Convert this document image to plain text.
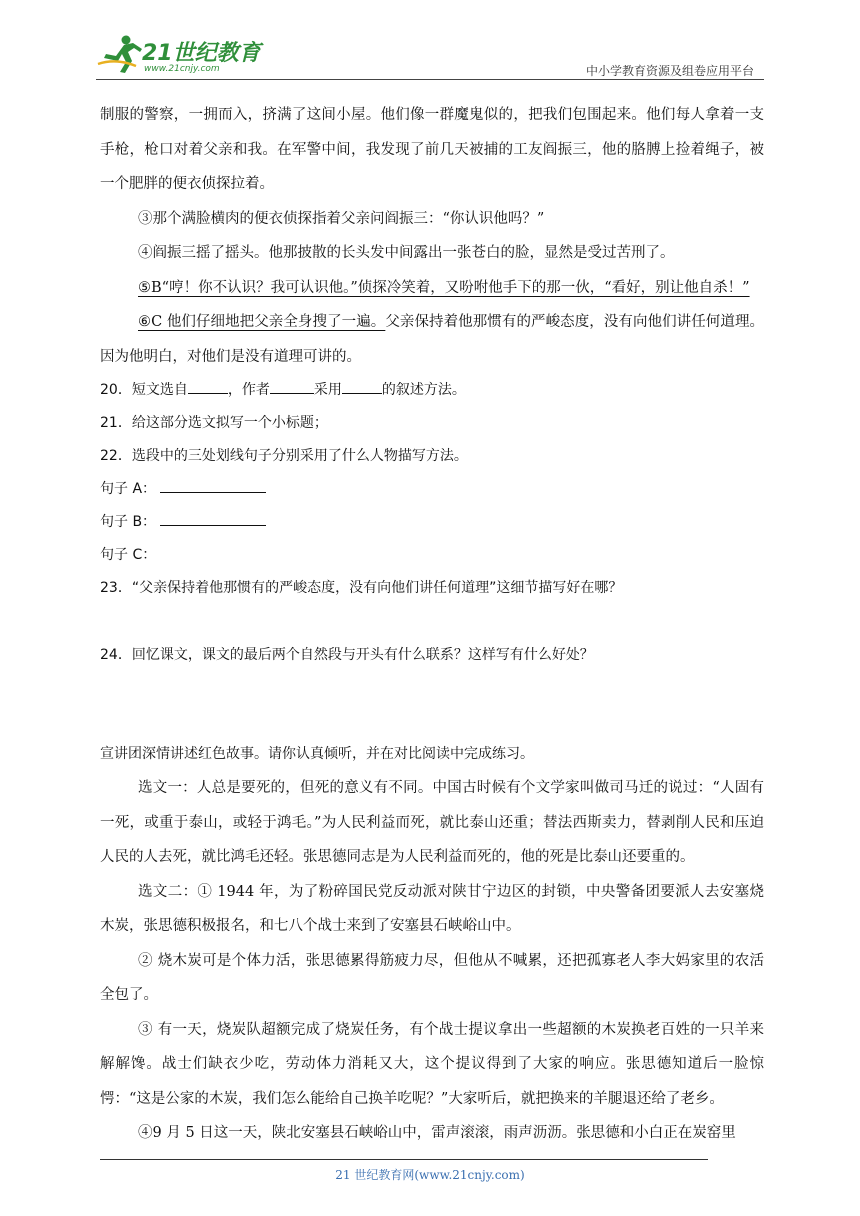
21世纪教育
www.21cnjy.com	中小学教育资源及组卷应用平台

制服的警察，一拥而入，挤满了这间小屋。他们像一群魔鬼似的，把我们包围起来。他们每人拿着一支手枪，枪口对着父亲和我。在军警中间，我发现了前几天被捕的工友阎振三，他的胳膊上捡着绳子，被一个肥胖的便衣侦探拉着。

③那个满脸横肉的便衣侦探指着父亲问阎振三：“你认识他吗？”

④阎振三摇了摇头。他那披散的长头发中间露出一张苍白的脸，显然是受过苦刑了。

⑤B“哼！你不认识？我可认识他。”侦探冷笑着，又吩咐他手下的那一伙，“看好，别让他自杀！”

⑥C 他们仔细地把父亲全身搜了一遍。父亲保持着他那惯有的严峻态度，没有向他们讲任何道理。因为他明白，对他们是没有道理可讲的。

20．短文选自	，作者	采用	的叙述方法。

21．给这部分选文拟写一个小标题；

22．选段中的三处划线句子分别采用了什么人物描写方法。

句子 A：

句子 B：

句子 C：

23．“父亲保持着他那惯有的严峻态度，没有向他们讲任何道理”这细节描写好在哪？

24．回忆课文，课文的最后两个自然段与开头有什么联系？这样写有什么好处？

宣讲团深情讲述红色故事。请你认真倾听，并在对比阅读中完成练习。

选文一：人总是要死的，但死的意义有不同。中国古时候有个文学家叫做司马迁的说过：“人固有一死，或重于泰山，或轻于鸿毛。”为人民利益而死，就比泰山还重；替法西斯卖力，替剥削人民和压迫人民的人去死，就比鸿毛还轻。张思德同志是为人民利益而死的，他的死是比泰山还要重的。

选文二：① 1944 年，为了粉碎国民党反动派对陕甘宁边区的封锁，中央警备团要派人去安塞烧木炭，张思德积极报名，和七八个战士来到了安塞县石峡峪山中。

② 烧木炭可是个体力活，张思德累得筋疲力尽，但他从不喊累，还把孤寡老人李大妈家里的农活全包了。

③ 有一天，烧炭队超额完成了烧炭任务，有个战士提议拿出一些超额的木炭换老百姓的一只羊来解解馋。战士们缺衣少吃，劳动体力消耗又大，这个提议得到了大家的响应。张思德知道后一脸惊愕：“这是公家的木炭，我们怎么能给自己换羊吃呢？”大家听后，就把换来的羊腿退还给了老乡。

④9 月 5 日这一天，陕北安塞县石峡峪山中，雷声滚滚，雨声沥沥。张思德和小白正在炭窑里

21 世纪教育网(www.21cnjy.com)
